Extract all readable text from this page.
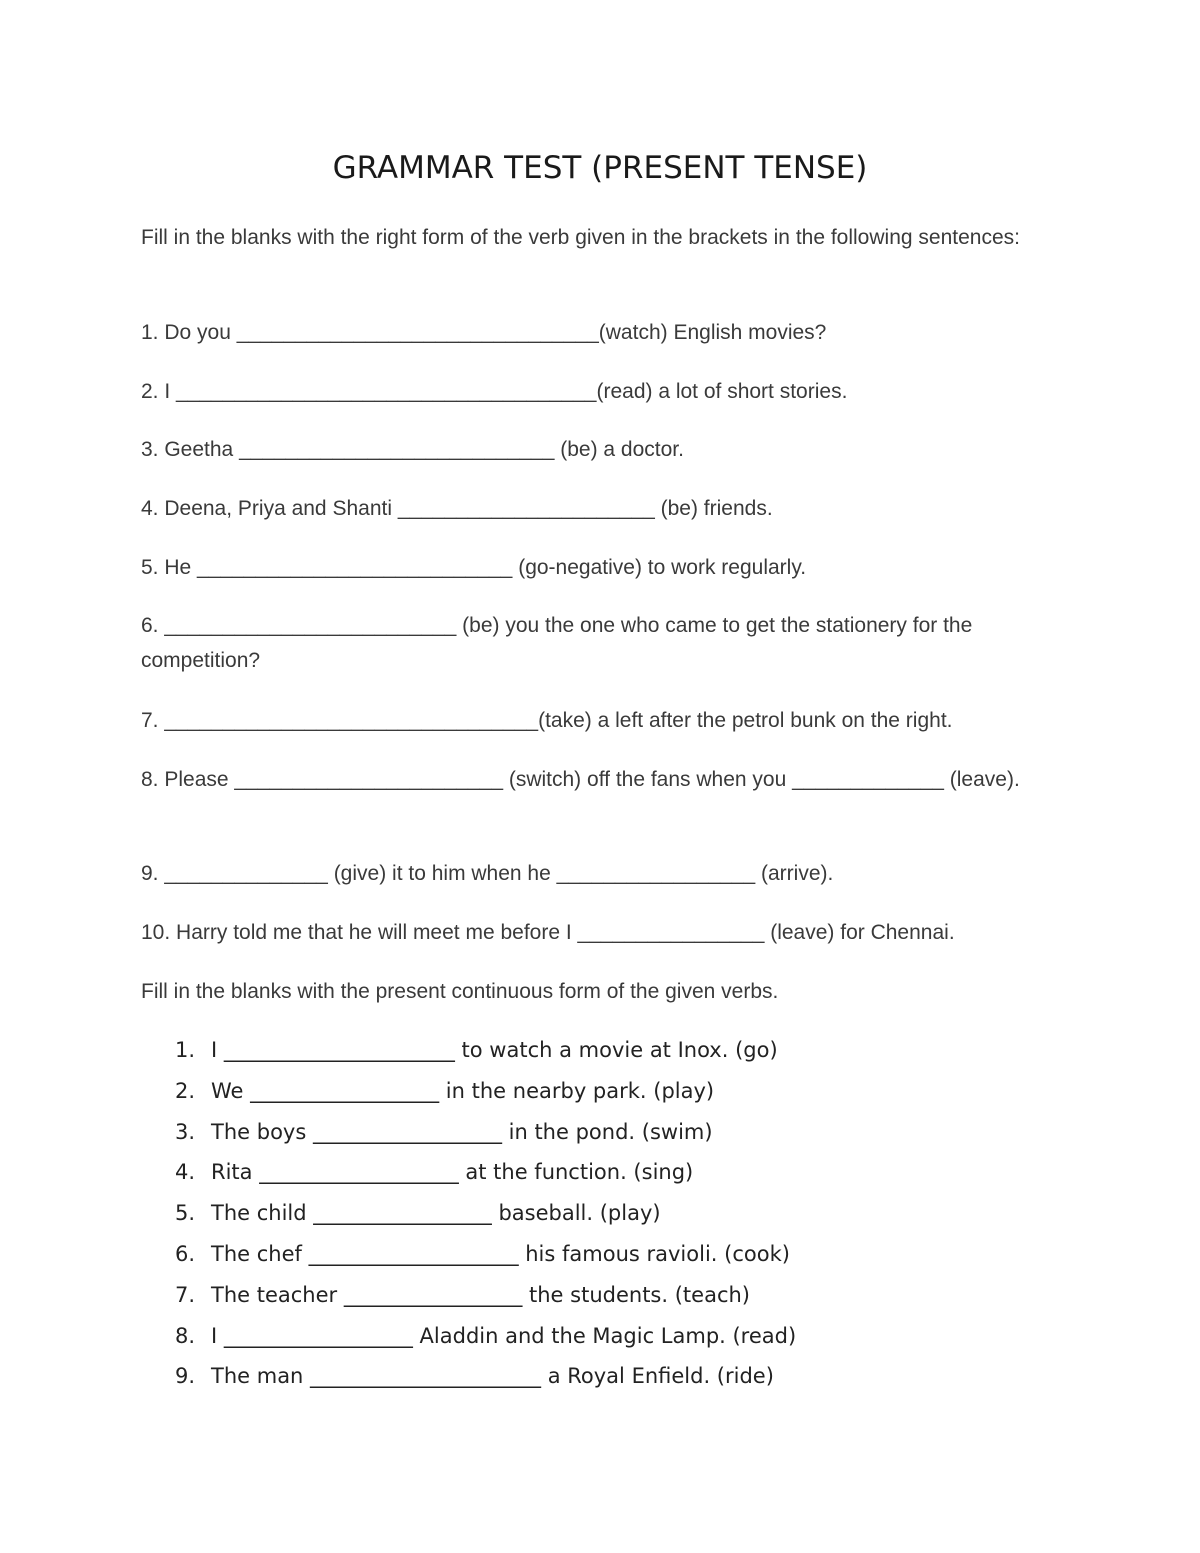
GRAMMAR TEST (PRESENT TENSE)

Fill in the blanks with the right form of the verb given in the brackets in the following sentences:

1. Do you _______________________________(watch) English movies?

2. I ____________________________________(read) a lot of short stories.

3. Geetha ___________________________ (be) a doctor.

4. Deena, Priya and Shanti ______________________ (be) friends.

5. He ___________________________ (go-negative) to work regularly.

6. _________________________ (be) you the one who came to get the stationery for the competition?

7. ________________________________(take) a left after the petrol bunk on the right.

8. Please _______________________ (switch) off the fans when you _____________ (leave).

9. ______________ (give) it to him when he _________________ (arrive).

10. Harry told me that he will meet me before I ________________ (leave) for Chennai.

Fill in the blanks with the present continuous form of the given verbs.

1. I ______________________ to watch a movie at Inox. (go)
2. We __________________ in the nearby park. (play)
3. The boys __________________ in the pond. (swim)
4. Rita ___________________ at the function. (sing)
5. The child _________________ baseball. (play)
6. The chef ____________________ his famous ravioli. (cook)
7. The teacher _________________ the students. (teach)
8. I __________________ Aladdin and the Magic Lamp. (read)
9. The man ______________________ a Royal Enfield. (ride)
